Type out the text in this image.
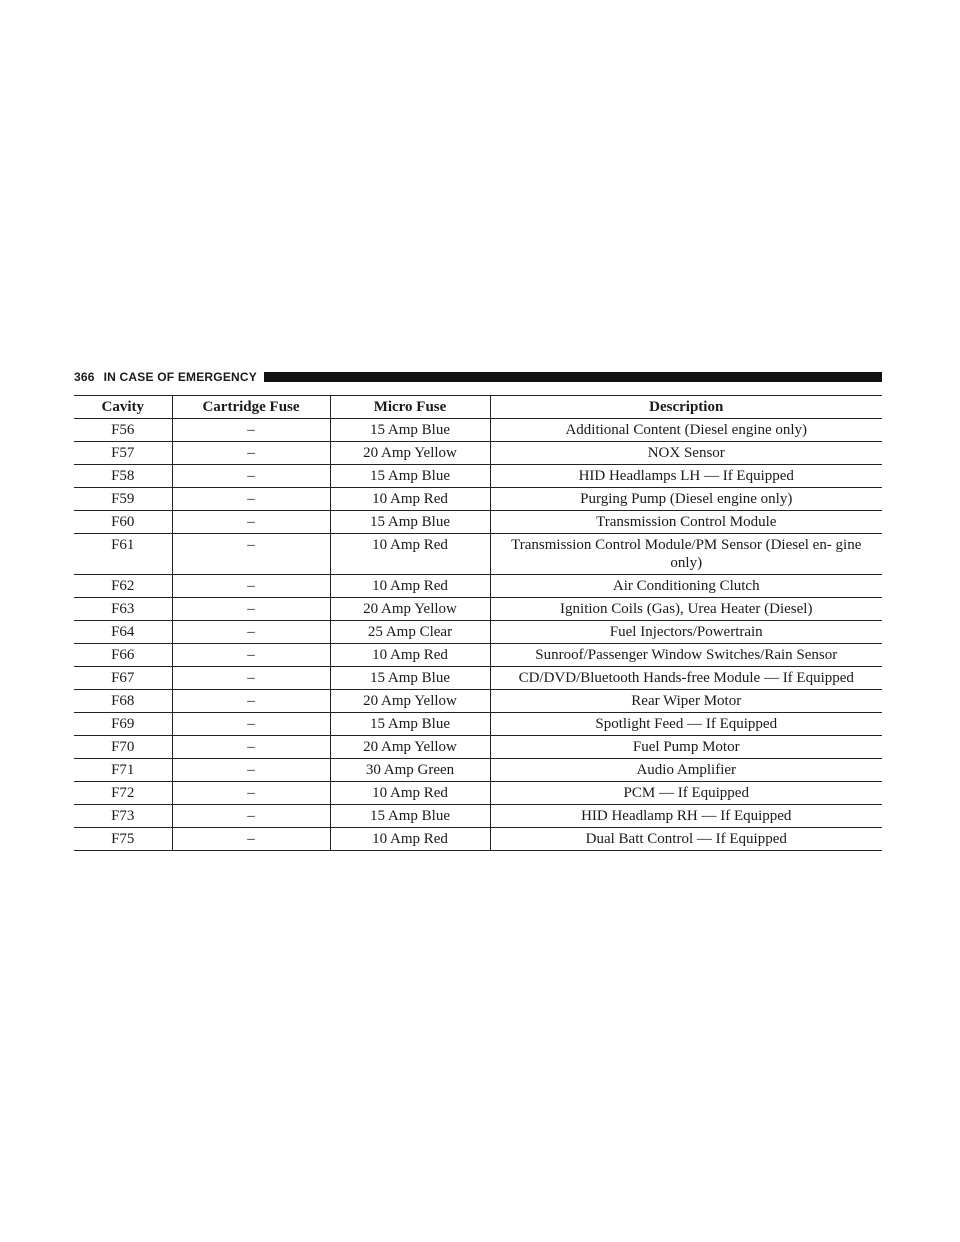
366 IN CASE OF EMERGENCY
Cavity	Cartridge Fuse	Micro Fuse	Description
F56	–	15 Amp Blue	Additional Content (Diesel engine only)
F57	–	20 Amp Yellow	NOX Sensor
F58	–	15 Amp Blue	HID Headlamps LH — If Equipped
F59	–	10 Amp Red	Purging Pump (Diesel engine only)
F60	–	15 Amp Blue	Transmission Control Module
F61	–	10 Amp Red	Transmission Control Module/PM Sensor (Diesel en- gine only)
F62	–	10 Amp Red	Air Conditioning Clutch
F63	–	20 Amp Yellow	Ignition Coils (Gas), Urea Heater (Diesel)
F64	–	25 Amp Clear	Fuel Injectors/Powertrain
F66	–	10 Amp Red	Sunroof/Passenger Window Switches/Rain Sensor
F67	–	15 Amp Blue	CD/DVD/Bluetooth Hands-free Module — If Equipped
F68	–	20 Amp Yellow	Rear Wiper Motor
F69	–	15 Amp Blue	Spotlight Feed — If Equipped
F70	–	20 Amp Yellow	Fuel Pump Motor
F71	–	30 Amp Green	Audio Amplifier
F72	–	10 Amp Red	PCM — If Equipped
F73	–	15 Amp Blue	HID Headlamp RH — If Equipped
F75	–	10 Amp Red	Dual Batt Control — If Equipped
